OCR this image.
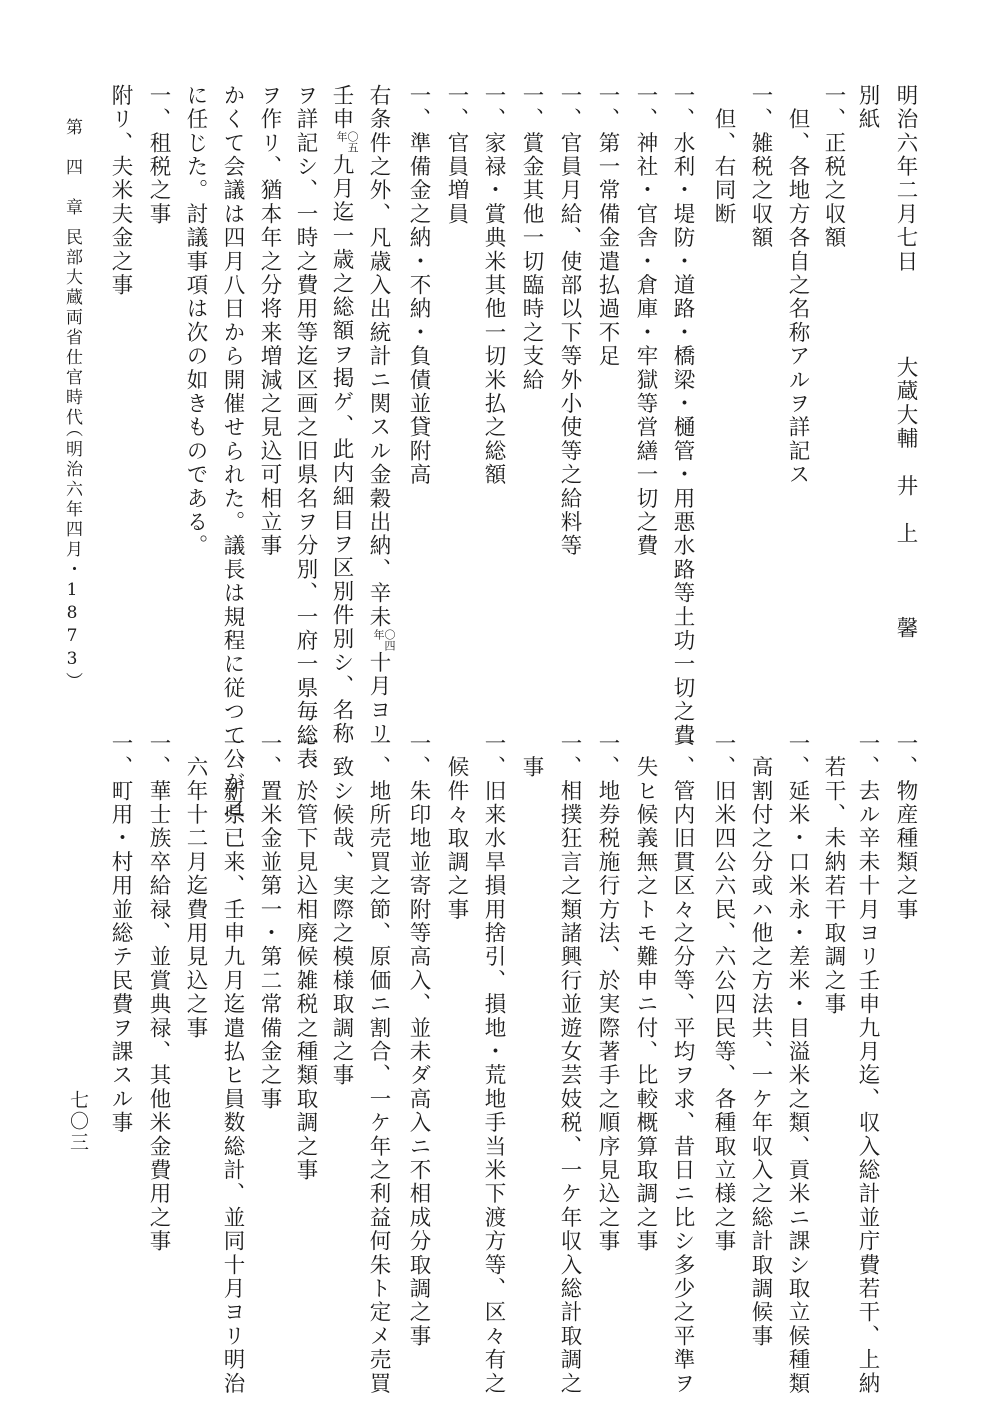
明治六年二月七日
大蔵大輔　井　上　　　馨
別紙
一、正税之収額
　但、各地方各自之名称アルヲ詳記ス
一、雑税之収額
　但、右同断
一、水利・堤防・道路・橋梁・樋管・用悪水路等土功一切之費
一、神社・官舎・倉庫・牢獄等営繕一切之費
一、第一常備金遣払過不足
一、官員月給、使部以下等外小使等之給料等
一、賞金其他一切臨時之支給
一、家禄・賞典米其他一切米払之総額
一、官員増員
一、準備金之納・不納・負債並貸附高
右条件之外、凡歳入出統計ニ関スル金穀出納、辛未
〇四
年
十月ヨリ
壬申
〇五
年
九月迄一歳之総額ヲ掲ゲ、此内細目ヲ区別件別シ、名称
ヲ詳記シ、一時之費用等迄区画之旧県名ヲ分別、一府一県毎総表
ヲ作リ、猶本年之分将来増減之見込可相立事
かくて会議は四月八日から開催せられた。議長は規程に従つて公が之
に任じた。討議事項は次の如きものである。
一、租税之事
附リ、夫米夫金之事
第　四　章
民部大蔵両省仕官時代
（明治六年四月・1873）
一、物産種類之事
一、去ル辛未十月ヨリ壬申九月迄、収入総計並庁費若干、上納
　若干、未納若干取調之事
一、延米・口米永・差米・目溢米之類、貢米ニ課シ取立候種類
　高割付之分或ハ他之方法共、一ケ年収入之総計取調候事
一、旧米四公六民、六公四民等、各種取立様之事
一、管内旧貫区々之分等、平均ヲ求、昔日ニ比シ多少之平準ヲ
　失ヒ候義無之トモ難申ニ付、比較概算取調之事
一、地券税施行方法、於実際著手之順序見込之事
一、相撲狂言之類諸興行並遊女芸妓税、一ケ年収入総計取調之
　事
一、旧来水旱損用捨引、損地・荒地手当米下渡方等、区々有之
　候件々取調之事
一、朱印地並寄附等高入、並未ダ高入ニ不相成分取調之事
一、地所売買之節、原価ニ割合、一ケ年之利益何朱ト定メ売買
　致シ候哉、実際之模様取調之事
一、於管下見込相廃候雑税之種類取調之事
一、置米金並第一・第二常備金之事
一、新県已来、壬申九月迄遣払ヒ員数総計、並同十月ヨリ明治
　六年十二月迄費用見込之事
一、華士族卒給禄、並賞典禄、其他米金費用之事
一、町用・村用並総テ民費ヲ課スル事
七〇三
